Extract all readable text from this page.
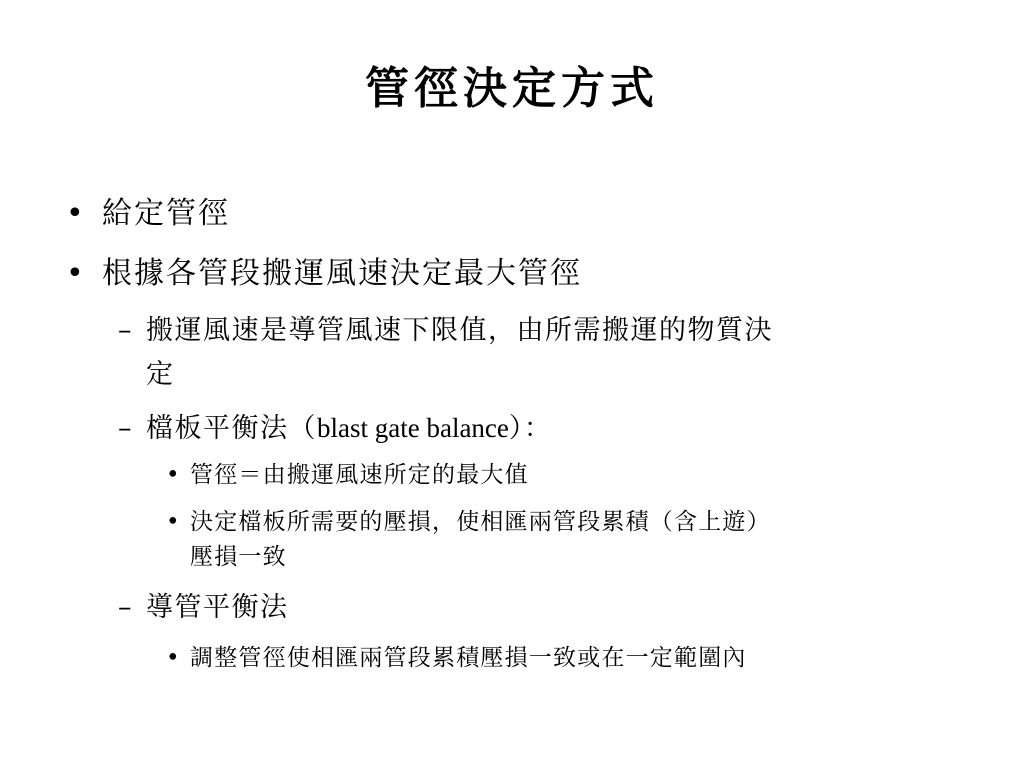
管徑決定方式
• 給定管徑

• 根據各管段搬運風速決定最大管徑

– 搬運風速是導管風速下限值，由所需搬運的物質決

定

– 檔板平衡法（blast gate balance）：

• 管徑＝由搬運風速所定的最大值

• 決定檔板所需要的壓損，使相匯兩管段累積（含上遊）

壓損一致

– 導管平衡法

• 調整管徑使相匯兩管段累積壓損一致或在一定範圍內
